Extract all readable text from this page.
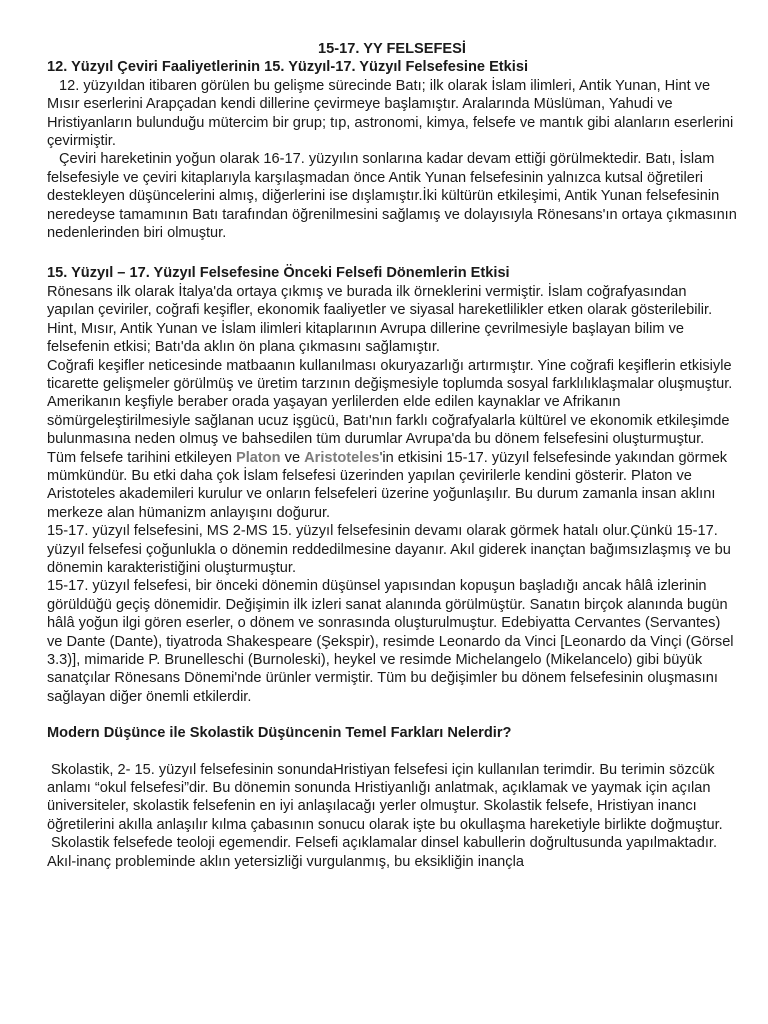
15-17. YY FELSEFESİ

12. Yüzyıl Çeviri Faaliyetlerinin 15. Yüzyıl-17. Yüzyıl Felsefesine Etkisi

12. yüzyıldan itibaren görülen bu gelişme sürecinde Batı; ilk olarak İslam ilimleri, Antik Yunan, Hint ve Mısır eserlerini Arapçadan kendi dillerine çevirmeye başlamıştır. Aralarında Müslüman, Yahudi ve Hristiyanların bulunduğu mütercim bir grup; tıp, astronomi, kimya, felsefe ve mantık gibi alanların eserlerini çevirmiştir.

Çeviri hareketinin yoğun olarak 16-17. yüzyılın sonlarına kadar devam ettiği görülmektedir. Batı, İslam felsefesiyle ve çeviri kitaplarıyla karşılaşmadan önce Antik Yunan felsefesinin yalnızca kutsal öğretileri destekleyen düşüncelerini almış, diğerlerini ise dışlamıştır.İki kültürün etkileşimi, Antik Yunan felsefesinin neredeyse tamamının Batı tarafından öğrenilmesini sağlamış ve dolayısıyla Rönesans'ın ortaya çıkmasının nedenlerinden biri olmuştur.

15. Yüzyıl – 17. Yüzyıl Felsefesine Önceki Felsefi Dönemlerin Etkisi

Rönesans ilk olarak İtalya'da ortaya çıkmış ve burada ilk örneklerini vermiştir. İslam coğrafyasından yapılan çeviriler, coğrafi keşifler, ekonomik faaliyetler ve siyasal hareketlilikler etken olarak gösterilebilir. Hint, Mısır, Antik Yunan ve İslam ilimleri kitaplarının Avrupa dillerine çevrilmesiyle başlayan bilim ve felsefenin etkisi; Batı'da aklın ön plana çıkmasını sağlamıştır.

Coğrafi keşifler neticesinde matbaanın kullanılması okuryazarlığı artırmıştır. Yine coğrafi keşiflerin etkisiyle ticarette gelişmeler görülmüş ve üretim tarzının değişmesiyle toplumda sosyal farklılıklaşmalar oluşmuştur.

Amerikanın keşfiyle beraber orada yaşayan yerlilerden elde edilen kaynaklar ve Afrikanın sömürgeleştirilmesiyle sağlanan ucuz işgücü, Batı'nın farklı coğrafyalarla kültürel ve ekonomik etkileşimde bulunmasına neden olmuş ve bahsedilen tüm durumlar Avrupa'da bu dönem felsefesini oluşturmuştur.

Tüm felsefe tarihini etkileyen Platon ve Aristoteles'in etkisini 15-17. yüzyıl felsefesinde yakından görmek mümkündür. Bu etki daha çok İslam felsefesi üzerinden yapılan çevirilerle kendini gösterir. Platon ve Aristoteles akademileri kurulur ve onların felsefeleri üzerine yoğunlaşılır. Bu durum zamanla insan aklını merkeze alan hümanizm anlayışını doğurur.

15-17. yüzyıl felsefesini, MS 2-MS 15. yüzyıl felsefesinin devamı olarak görmek hatalı olur.Çünkü 15-17. yüzyıl felsefesi çoğunlukla o dönemin reddedilmesine dayanır. Akıl giderek inançtan bağımsızlaşmış ve bu dönemin karakteristiğini oluşturmuştur.

15-17. yüzyıl felsefesi, bir önceki dönemin düşünsel yapısından kopuşun başladığı ancak hâlâ izlerinin görüldüğü geçiş dönemidir. Değişimin ilk izleri sanat alanında görülmüştür. Sanatın birçok alanında bugün hâlâ yoğun ilgi gören eserler, o dönem ve sonrasında oluşturulmuştur. Edebiyatta Cervantes (Servantes) ve Dante (Dante), tiyatroda Shakespeare (Şekspir), resimde Leonardo da Vinci [Leonardo da Vinçi (Görsel 3.3)], mimaride P. Brunelleschi (Burnoleski), heykel ve resimde Michelangelo (Mikelancelo) gibi büyük sanatçılar Rönesans Dönemi'nde ürünler vermiştir. Tüm bu değişimler bu dönem felsefesinin oluşmasını sağlayan diğer önemli etkilerdir.

Modern Düşünce ile Skolastik Düşüncenin Temel Farkları Nelerdir?

Skolastik, 2- 15. yüzyıl felsefesinin sonundaHristiyan felsefesi için kullanılan terimdir. Bu terimin sözcük anlamı “okul felsefesi”dir. Bu dönemin sonunda Hristiyanlığı anlatmak, açıklamak ve yaymak için açılan üniversiteler, skolastik felsefenin en iyi anlaşılacağı yerler olmuştur. Skolastik felsefe, Hristiyan inancı öğretilerini akılla anlaşılır kılma çabasının sonucu olarak işte bu okullaşma hareketiyle birlikte doğmuştur.

Skolastik felsefede teoloji egemendir. Felsefi açıklamalar dinsel kabullerin doğrultusunda yapılmaktadır. Akıl-inanç probleminde aklın yetersizliği vurgulanmış, bu eksikliğin inançla
